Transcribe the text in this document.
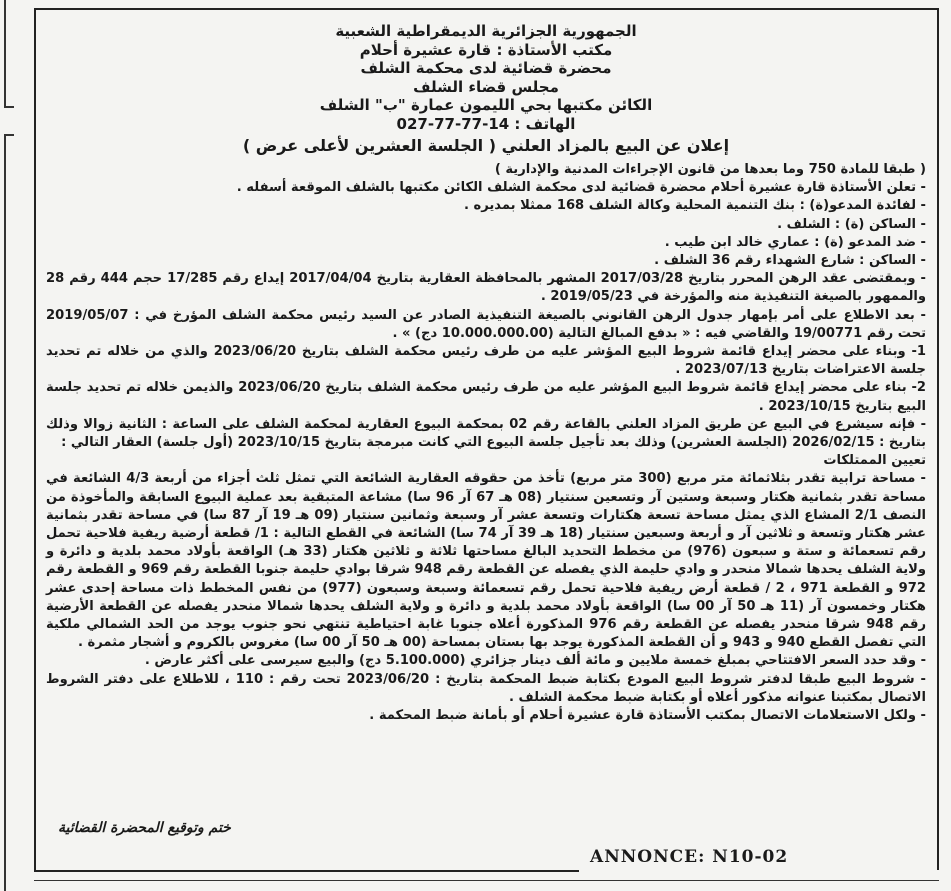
الجمهورية الجزائرية الديمقراطية الشعبية

مكتب الأستاذة : قارة عشيرة أحلام

محضرة قضائية لدى محكمة الشلف

مجلس قضاء الشلف

الكائن مكتبها بحي الليمون عمارة "ب" الشلف

الهاتف : 14-77-77-027

إعلان عن البيع بالمزاد العلني ( الجلسة العشرين لأعلى عرض )

( طبقا للمادة 750 وما بعدها من قانون الإجراءات المدنية والإدارية )

- تعلن الأستاذة قارة عشيرة أحلام محضرة قضائية لدى محكمة الشلف الكائن مكتبها بالشلف الموقعة أسفله .

- لفائدة المدعو(ة) : بنك التنمية المحلية وكالة الشلف 168 ممثلا بمديره .

- الساكن (ة) : الشلف .

- ضد المدعو (ة) : عماري خالد ابن طيب .

- الساكن : شارع الشهداء رقم 36 الشلف .

- وبمقتضى عقد الرهن المحرر بتاريخ 2017/03/28 المشهر بالمحافظة العقارية بتاريخ 2017/04/04 إيداع رقم 17/285 حجم 444 رقم 28 والممهور بالصيغة التنفيذية منه والمؤرخة في 2019/05/23 .

- بعد الاطلاع على أمر بإمهار جدول الرهن القانوني بالصيغة التنفيذية الصادر عن السيد رئيس محكمة الشلف المؤرخ في : 2019/05/07 تحت رقم 19/00771 والقاضي فيه : « بدفع المبالغ التالية (10.000.000.00 دج) » .

1- وبناء على محضر إيداع قائمة شروط البيع المؤشر عليه من طرف رئيس محكمة الشلف بتاريخ 2023/06/20 والذي من خلاله تم تحديد جلسة الاعتراضات بتاريخ 2023/07/13 .

2- بناء على محضر إيداع قائمة شروط البيع المؤشر عليه من طرف رئيس محكمة الشلف بتاريخ 2023/06/20 والذيمن خلاله تم تحديد جلسة البيع بتاريخ 2023/10/15 .

- فإنه سيشرع في البيع عن طريق المزاد العلني بالقاعة رقم 02 بمحكمة البيوع العقارية لمحكمة الشلف على الساعة : الثانية زوالا وذلك بتاريخ : 2026/02/15 (الجلسة العشرين) وذلك بعد تأجيل جلسة البيوع التي كانت مبرمجة بتاريخ 2023/10/15 (أول جلسة) العقار التالي :

تعيين الممتلكات

- مساحة ترابية تقدر بثلاثمائة متر مربع (300 متر مربع) تأخذ من حقوقه العقارية الشائعة التي تمثل ثلث أجزاء من أربعة 4/3 الشائعة في مساحة تقدر بثمانية هكتار وسبعة وستين آر وتسعين سنتيار (08 هـ 67 آر 96 سا) مشاعة المتبقية بعد عملية البيوع السابقة والمأخوذة من النصف 2/1 المشاع الذي يمثل مساحة تسعة هكتارات وتسعة عشر آر وسبعة وثمانين سنتيار (09 هـ 19 آر 87 سا) في مساحة تقدر بثمانية عشر هكتار وتسعة و ثلاثين آر و أربعة وسبعين سنتيار (18 هـ 39 آر 74 سا) الشائعة في القطع التالية : 1/ قطعة أرضية ريفية فلاحية تحمل رقم تسعمائة و ستة و سبعون (976) من مخطط التحديد البالغ مساحتها ثلاثة و ثلاثين هكتار (33 هـ) الواقعة بأولاد محمد بلدية و دائرة و ولاية الشلف يحدها شمالا منحدر و وادي حليمة الذي يفصله عن القطعة رقم 948 شرقا بوادي حليمة جنوبا القطعة رقم 969 و القطعة رقم 972 و القطعة 971 ، 2 / قطعة أرض ريفية فلاحية تحمل رقم تسعمائة وسبعة وسبعون (977) من نفس المخطط ذات مساحة إحدى عشر هكتار وخمسون آر (11 هـ 50 آر 00 سا) الواقعة بأولاد محمد بلدية و دائرة و ولاية الشلف يحدها شمالا منحدر يفصله عن القطعة الأرضية رقم 948 شرقا منحدر يفصله عن القطعة رقم 976 المذكورة أعلاه جنوبا غابة احتياطية تنتهي نحو جنوب يوجد من الحد الشمالي ملكية التي تفصل القطع 940 و 943 و أن القطعة المذكورة يوجد بها بستان بمساحة (00 هـ 50 آر 00 سا) مغروس بالكروم و أشجار مثمرة .

- وقد حدد السعر الافتتاحي بمبلغ خمسة ملايين و مائة ألف دينار جزائري (5.100.000 دج) والبيع سيرسى على أكثر عارض .

- شروط البيع طبقا لدفتر شروط البيع المودع بكتابة ضبط المحكمة بتاريخ : 2023/06/20 تحت رقم : 110 ، للاطلاع على دفتر الشروط الاتصال بمكتبنا عنوانه مذكور أعلاه أو بكتابة ضبط محكمة الشلف .

- ولكل الاستعلامات الاتصال بمكتب الأستاذة قارة عشيرة أحلام أو بأمانة ضبط المحكمة .

ختم وتوقيع المحضرة القضائية
ANNONCE: N10-02
